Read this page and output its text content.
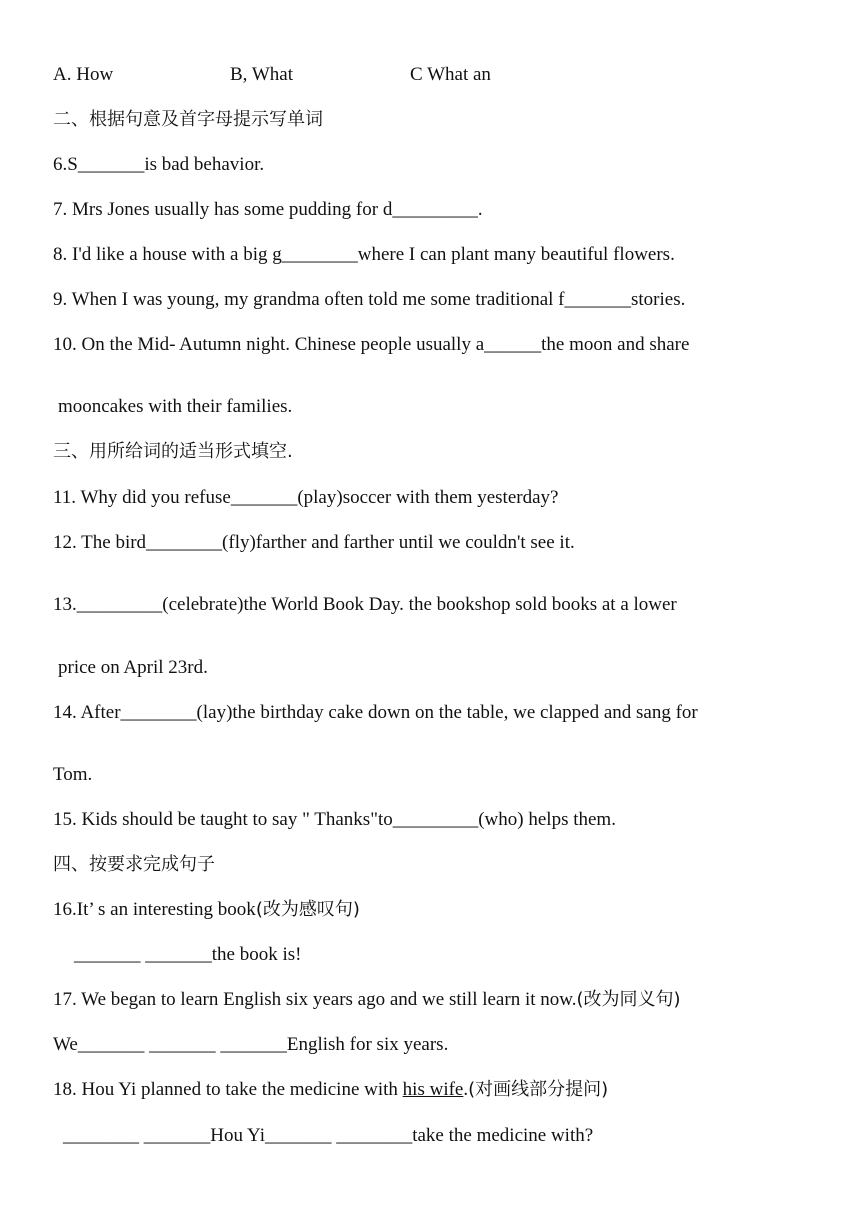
A. How

	B, What

	C What an

二、根据句意及首字母提示写单词
6.S_______is bad behavior.
7. Mrs Jones usually has some pudding for d_________.
8. I'd like a house with a big g________where I can plant many beautiful flowers.
9. When I was young, my grandma often told me some traditional f_______stories.
10. On the Mid- Autumn night. Chinese people usually a______the moon and share
mooncakes with their families.
三、用所给词的适当形式填空.
11. Why did you refuse_______(play)soccer with them yesterday?
12. The bird________(fly)farther and farther until we couldn't see it.
13._________(celebrate)the World Book Day. the bookshop sold books at a lower
price on April 23rd.
14. After________(lay)the birthday cake down on the table, we clapped and sang for
Tom.
15. Kids should be taught to say " Thanks"to_________(who) helps them.
四、按要求完成句子
16.It’ s an interesting book(改为感叹句)
_______ _______the book is!
17. We began to learn English six years ago and we still learn it now.(改为同义句)
We_______ _______ _______English for six years.
18. Hou Yi planned to take the medicine with his wife.(对画线部分提问)
________ _______Hou Yi_______ ________take the medicine with?
